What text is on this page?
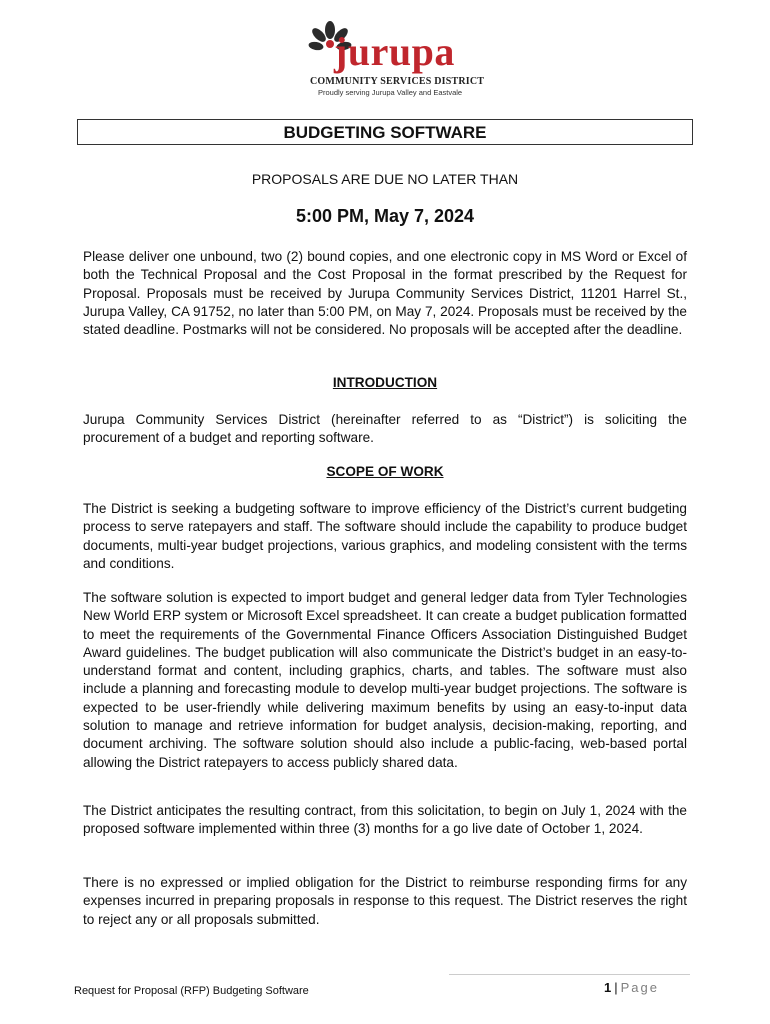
jurupa
COMMUNITY SERVICES DISTRICT
Proudly serving Jurupa Valley and Eastvale
BUDGETING SOFTWARE
PROPOSALS ARE DUE NO LATER THAN
5:00 PM, May 7, 2024

Please deliver one unbound, two (2) bound copies, and one electronic copy in MS Word or Excel of both the Technical Proposal and the Cost Proposal in the format prescribed by the Request for Proposal. Proposals must be received by Jurupa Community Services District, 11201 Harrel St., Jurupa Valley, CA 91752, no later than 5:00 PM, on May 7, 2024. Proposals must be received by the stated deadline. Postmarks will not be considered. No proposals will be accepted after the deadline.

INTRODUCTION

Jurupa Community Services District (hereinafter referred to as “District”) is soliciting the procurement of a budget and reporting software.

SCOPE OF WORK

The District is seeking a budgeting software to improve efficiency of the District’s current budgeting process to serve ratepayers and staff. The software should include the capability to produce budget documents, multi-year budget projections, various graphics, and modeling consistent with the terms and conditions.

The software solution is expected to import budget and general ledger data from Tyler Technologies New World ERP system or Microsoft Excel spreadsheet. It can create a budget publication formatted to meet the requirements of the Governmental Finance Officers Association Distinguished Budget Award guidelines. The budget publication will also communicate the District’s budget in an easy-to-understand format and content, including graphics, charts, and tables. The software must also include a planning and forecasting module to develop multi-year budget projections. The software is expected to be user-friendly while delivering maximum benefits by using an easy-to-input data solution to manage and retrieve information for budget analysis, decision-making, reporting, and document archiving. The software solution should also include a public-facing, web-based portal allowing the District ratepayers to access publicly shared data.

The District anticipates the resulting contract, from this solicitation, to begin on July 1, 2024 with the proposed software implemented within three (3) months for a go live date of October 1, 2024.

There is no expressed or implied obligation for the District to reimburse responding firms for any expenses incurred in preparing proposals in response to this request. The District reserves the right to reject any or all proposals submitted.

Request for Proposal (RFP) Budgeting Software	1 | Page
